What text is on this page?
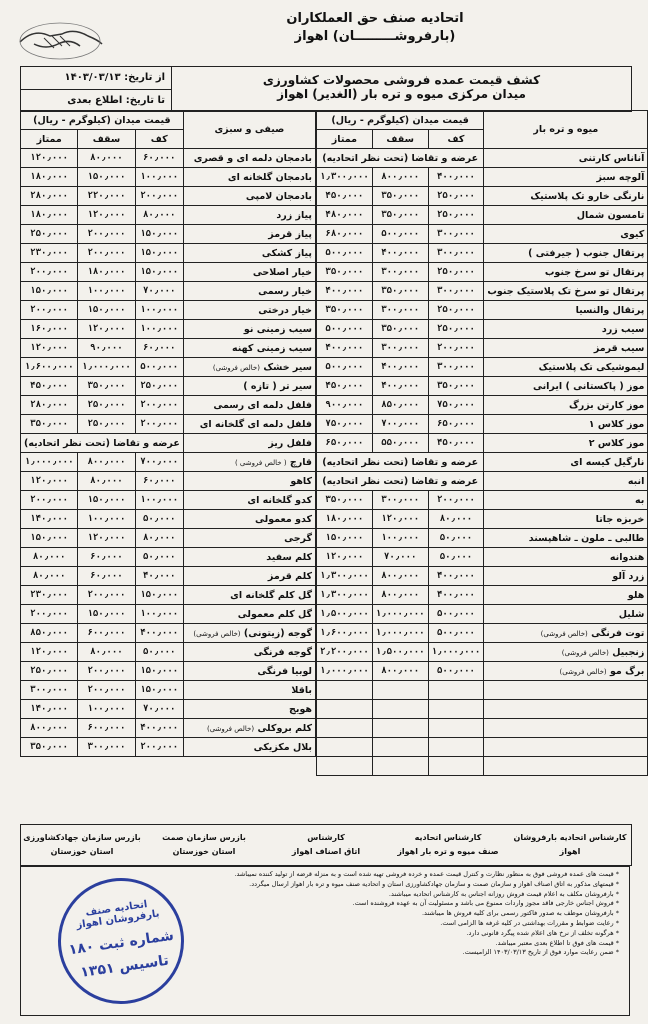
اتحادیه صنف حق العملکاران
(بارفروشـــــــــان) اهواز
از تاریخ: ۱۴۰۳/۰۳/۱۳
تا تاریخ: اطلاع بعدی
کشف قیمت عمده فروشی محصولات کشاورزی
میدان مرکزی میوه و تره بار (الغدیر) اهواز
صیفی و سبزی	قیمت میدان (کیلوگرم - ریال)		
	کف	سقف	ممتاز
بادمجان دلمه ای و قصری	۶۰٫۰۰۰	۸۰٫۰۰۰	۱۲۰٫۰۰۰
بادمجان گلخانه ای	۱۰۰٫۰۰۰	۱۵۰٫۰۰۰	۱۸۰٫۰۰۰
بادمجان لامپی	۲۰۰٫۰۰۰	۲۲۰٫۰۰۰	۲۸۰٫۰۰۰
پیاز زرد	۸۰٫۰۰۰	۱۲۰٫۰۰۰	۱۸۰٫۰۰۰
پیاز قرمز	۱۵۰٫۰۰۰	۲۰۰٫۰۰۰	۲۵۰٫۰۰۰
پیاز کشکی	۱۵۰٫۰۰۰	۲۰۰٫۰۰۰	۲۳۰٫۰۰۰
خیار اصلاحی	۱۵۰٫۰۰۰	۱۸۰٫۰۰۰	۲۰۰٫۰۰۰
خیار رسمی	۷۰٫۰۰۰	۱۰۰٫۰۰۰	۱۵۰٫۰۰۰
خیار درختی	۱۰۰٫۰۰۰	۱۵۰٫۰۰۰	۲۰۰٫۰۰۰
سیب زمینی نو	۱۰۰٫۰۰۰	۱۲۰٫۰۰۰	۱۶۰٫۰۰۰
سیب زمینی کهنه	۶۰٫۰۰۰	۹۰٫۰۰۰	۱۲۰٫۰۰۰
سیر خشک (خالص فروشی)	۵۰۰٫۰۰۰	۱٫۰۰۰٫۰۰۰	۱٫۶۰۰٫۰۰۰
سیر تر ( تازه )	۲۵۰٫۰۰۰	۳۵۰٫۰۰۰	۴۵۰٫۰۰۰
فلفل دلمه ای رسمی	۲۰۰٫۰۰۰	۲۵۰٫۰۰۰	۲۸۰٫۰۰۰
فلفل دلمه ای گلخانه ای	۲۰۰٫۰۰۰	۲۵۰٫۰۰۰	۳۵۰٫۰۰۰
فلفل ریز	عرضه و تقاضا (تحت نظر اتحادیه)		
قارچ ( خالص فروشی )	۷۰۰٫۰۰۰	۸۰۰٫۰۰۰	۱٫۰۰۰٫۰۰۰
کاهو	۶۰٫۰۰۰	۸۰٫۰۰۰	۱۲۰٫۰۰۰
کدو گلخانه ای	۱۰۰٫۰۰۰	۱۵۰٫۰۰۰	۲۰۰٫۰۰۰
کدو معمولی	۵۰٫۰۰۰	۱۰۰٫۰۰۰	۱۴۰٫۰۰۰
گرجی	۸۰٫۰۰۰	۱۲۰٫۰۰۰	۱۵۰٫۰۰۰
کلم سفید	۵۰٫۰۰۰	۶۰٫۰۰۰	۸۰٫۰۰۰
کلم قرمز	۴۰٫۰۰۰	۶۰٫۰۰۰	۸۰٫۰۰۰
گل کلم گلخانه ای	۱۵۰٫۰۰۰	۲۰۰٫۰۰۰	۲۳۰٫۰۰۰
گل کلم معمولی	۱۰۰٫۰۰۰	۱۵۰٫۰۰۰	۲۰۰٫۰۰۰
گوجه (زیتونی) (خالص فروشی)	۴۰۰٫۰۰۰	۶۰۰٫۰۰۰	۸۵۰٫۰۰۰
گوجه فرنگی	۵۰٫۰۰۰	۸۰٫۰۰۰	۱۲۰٫۰۰۰
لوبیا فرنگی	۱۵۰٫۰۰۰	۲۰۰٫۰۰۰	۲۵۰٫۰۰۰
باقلا	۱۵۰٫۰۰۰	۲۰۰٫۰۰۰	۳۰۰٫۰۰۰
هویج	۷۰٫۰۰۰	۱۰۰٫۰۰۰	۱۴۰٫۰۰۰
کلم بروکلی (خالص فروشی)	۴۰۰٫۰۰۰	۶۰۰٫۰۰۰	۸۰۰٫۰۰۰
بلال مکزیکی	۲۰۰٫۰۰۰	۳۰۰٫۰۰۰	۳۵۰٫۰۰۰
میوه و تره بار	قیمت میدان (کیلوگرم - ریال)		
	کف	سقف	ممتاز
آناناس کارتنی	عرضه و تقاضا (تحت نظر اتحادیه)		
آلوچه سبز	۴۰۰٫۰۰۰	۸۰۰٫۰۰۰	۱٫۳۰۰٫۰۰۰
نارنگی خارو تک پلاستیک	۲۵۰٫۰۰۰	۳۵۰٫۰۰۰	۴۵۰٫۰۰۰
تامسون شمال	۲۵۰٫۰۰۰	۳۵۰٫۰۰۰	۴۸۰٫۰۰۰
کیوی	۳۰۰٫۰۰۰	۵۰۰٫۰۰۰	۶۸۰٫۰۰۰
پرتقال جنوب ( جیرفتی )	۳۰۰٫۰۰۰	۴۰۰٫۰۰۰	۵۰۰٫۰۰۰
پرتقال تو سرخ جنوب	۲۵۰٫۰۰۰	۳۰۰٫۰۰۰	۳۵۰٫۰۰۰
پرتقال تو سرخ تک پلاستیک جنوب	۳۰۰٫۰۰۰	۳۵۰٫۰۰۰	۴۰۰٫۰۰۰
پرتقال والنسیا	۲۵۰٫۰۰۰	۳۰۰٫۰۰۰	۳۵۰٫۰۰۰
سیب زرد	۲۵۰٫۰۰۰	۳۵۰٫۰۰۰	۵۰۰٫۰۰۰
سیب قرمز	۲۰۰٫۰۰۰	۳۰۰٫۰۰۰	۴۰۰٫۰۰۰
لیموشیکی تک پلاستیک	۳۰۰٫۰۰۰	۴۰۰٫۰۰۰	۵۰۰٫۰۰۰
موز ( پاکستانی ) ایرانی	۳۵۰٫۰۰۰	۴۰۰٫۰۰۰	۴۵۰٫۰۰۰
موز کارتن بزرگ	۷۵۰٫۰۰۰	۸۵۰٫۰۰۰	۹۰۰٫۰۰۰
موز کلاس ۱	۶۵۰٫۰۰۰	۷۰۰٫۰۰۰	۷۵۰٫۰۰۰
موز کلاس ۲	۴۵۰٫۰۰۰	۵۵۰٫۰۰۰	۶۵۰٫۰۰۰
نارگیل کیسه ای	عرضه و تقاضا (تحت نظر اتحادیه)		
انبه	عرضه و تقاضا (تحت نظر اتحادیه)		
به	۲۰۰٫۰۰۰	۳۰۰٫۰۰۰	۳۵۰٫۰۰۰
خربزه جاتا	۸۰٫۰۰۰	۱۲۰٫۰۰۰	۱۸۰٫۰۰۰
طالبی ـ ملون ـ شاهپسند	۵۰٫۰۰۰	۱۰۰٫۰۰۰	۱۵۰٫۰۰۰
هندوانه	۵۰٫۰۰۰	۷۰٫۰۰۰	۱۲۰٫۰۰۰
زرد آلو	۴۰۰٫۰۰۰	۸۰۰٫۰۰۰	۱٫۳۰۰٫۰۰۰
هلو	۴۰۰٫۰۰۰	۸۰۰٫۰۰۰	۱٫۳۰۰٫۰۰۰
شلیل	۵۰۰٫۰۰۰	۱٫۰۰۰٫۰۰۰	۱٫۵۰۰٫۰۰۰
توت فرنگی (خالص فروشی)	۵۰۰٫۰۰۰	۱٫۰۰۰٫۰۰۰	۱٫۶۰۰٫۰۰۰
زنجبیل (خالص فروشی)	۱٫۰۰۰٫۰۰۰	۱٫۵۰۰٫۰۰۰	۲٫۲۰۰٫۰۰۰
برگ مو (خالص فروشی)	۵۰۰٫۰۰۰	۸۰۰٫۰۰۰	۱٫۰۰۰٫۰۰۰

کارشناس اتحادیه بارفروشان اهواز

کارشناس اتحادیه
صنف میوه و تره بار اهواز
کارشناس
اتاق اصناف اهواز
بازرس سازمان صمت
استان خوزستان
بازرس سازمان جهادکشاورزی
استان خوزستان
* قیمت های عمده فروشی فوق به منظور نظارت و کنترل قیمت عمده و خرده فروشی تهیه شده است و به منزله قرضه از تولید کننده نمیباشد.
* قیمتهای مذکور به اتاق اصناف اهواز و سازمان صمت و سازمان جهادکشاورزی استان و اتحادیه صنف میوه و تره بار اهواز ارسال میگردد.
* بارفروشان مکلف به اعلام قیمت فروش روزانه اجناس به کارشناس اتحادیه میباشند.
* فروش اجناس خارجی فاقد مجوز واردات ممنوع می باشد و مسئولیت آن به عهده فروشنده است.
* بارفروشان موظف به صدور فاکتور رسمی برای کلیه فروش ها میباشند.
* رعایت ضوابط و مقررات بهداشتی در کلیه غرفه ها الزامی است.
* هرگونه تخلف از نرخ های اعلام شده پیگرد قانونی دارد.
* قیمت های فوق تا اطلاع بعدی معتبر میباشد.
* ضمن رعایت موارد فوق از تاریخ ۱۴۰۳/۰۳/۱۳ الزامیست.
اتحادیه صنف بارفروشان اهواز
شماره ثبت ۱۸۰
تاسیس ۱۳۵۱
